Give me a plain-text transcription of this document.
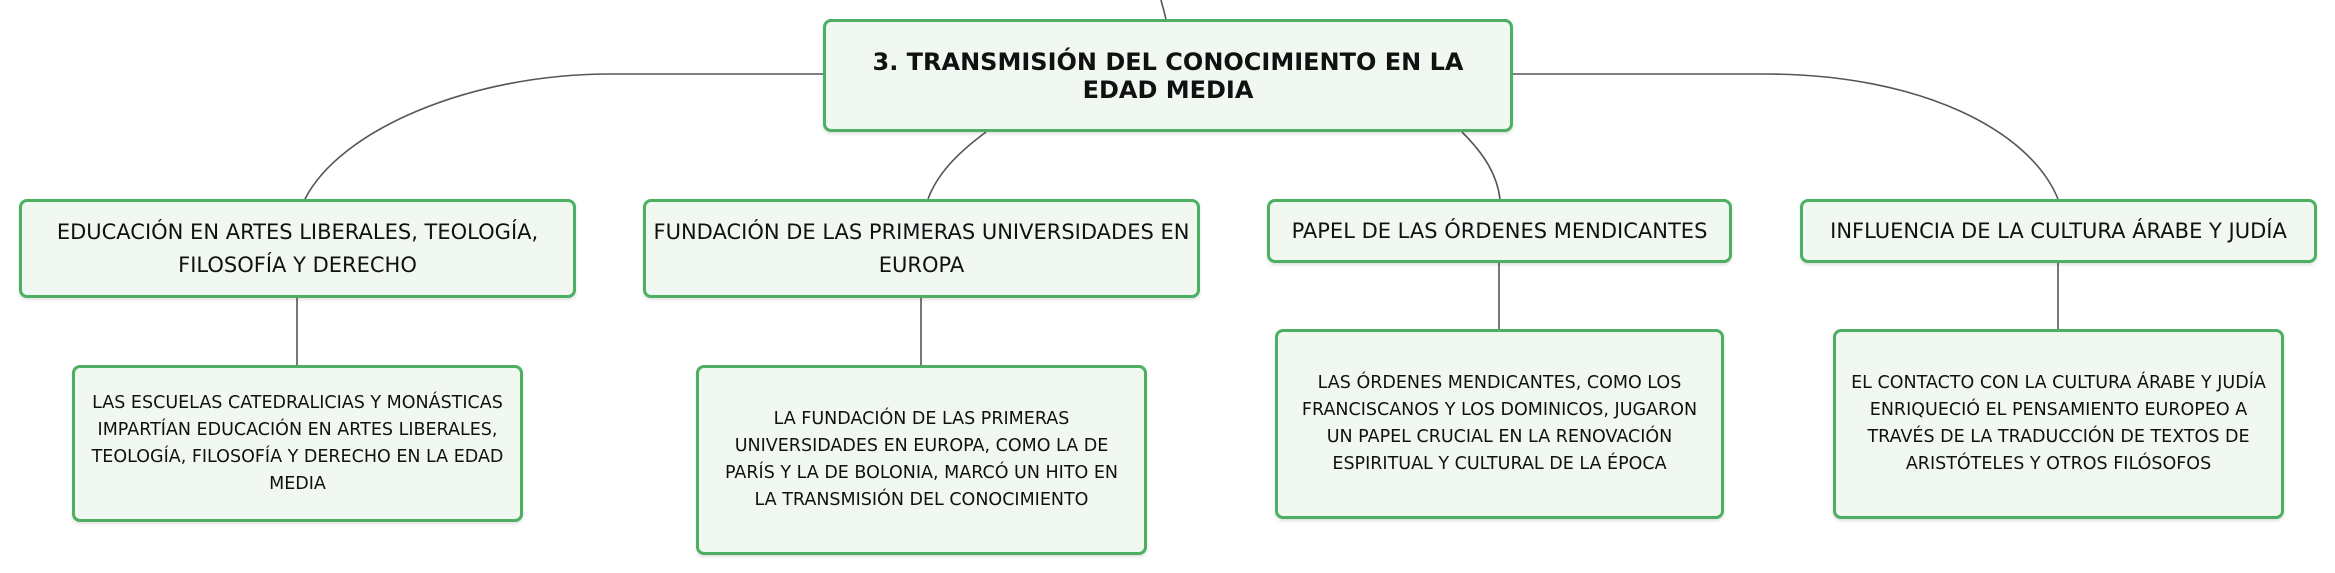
3. TRANSMISIÓN DEL CONOCIMIENTO EN LA EDAD MEDIA
EDUCACIÓN EN ARTES LIBERALES, TEOLOGÍA, FILOSOFÍA Y DERECHO
FUNDACIÓN DE LAS PRIMERAS UNIVERSIDADES EN EUROPA
PAPEL DE LAS ÓRDENES MENDICANTES	INFLUENCIA DE LA CULTURA ÁRABE Y JUDÍA
LAS ESCUELAS CATEDRALICIAS Y MONÁSTICAS IMPARTÍAN EDUCACIÓN EN ARTES LIBERALES, TEOLOGÍA, FILOSOFÍA Y DERECHO EN LA EDAD MEDIA
LA FUNDACIÓN DE LAS PRIMERAS UNIVERSIDADES EN EUROPA, COMO LA DE PARÍS Y LA DE BOLONIA, MARCÓ UN HITO EN LA TRANSMISIÓN DEL CONOCIMIENTO
LAS ÓRDENES MENDICANTES, COMO LOS FRANCISCANOS Y LOS DOMINICOS, JUGARON UN PAPEL CRUCIAL EN LA RENOVACIÓN ESPIRITUAL Y CULTURAL DE LA ÉPOCA
EL CONTACTO CON LA CULTURA ÁRABE Y JUDÍA ENRIQUECIÓ EL PENSAMIENTO EUROPEO A TRAVÉS DE LA TRADUCCIÓN DE TEXTOS DE ARISTÓTELES Y OTROS FILÓSOFOS
